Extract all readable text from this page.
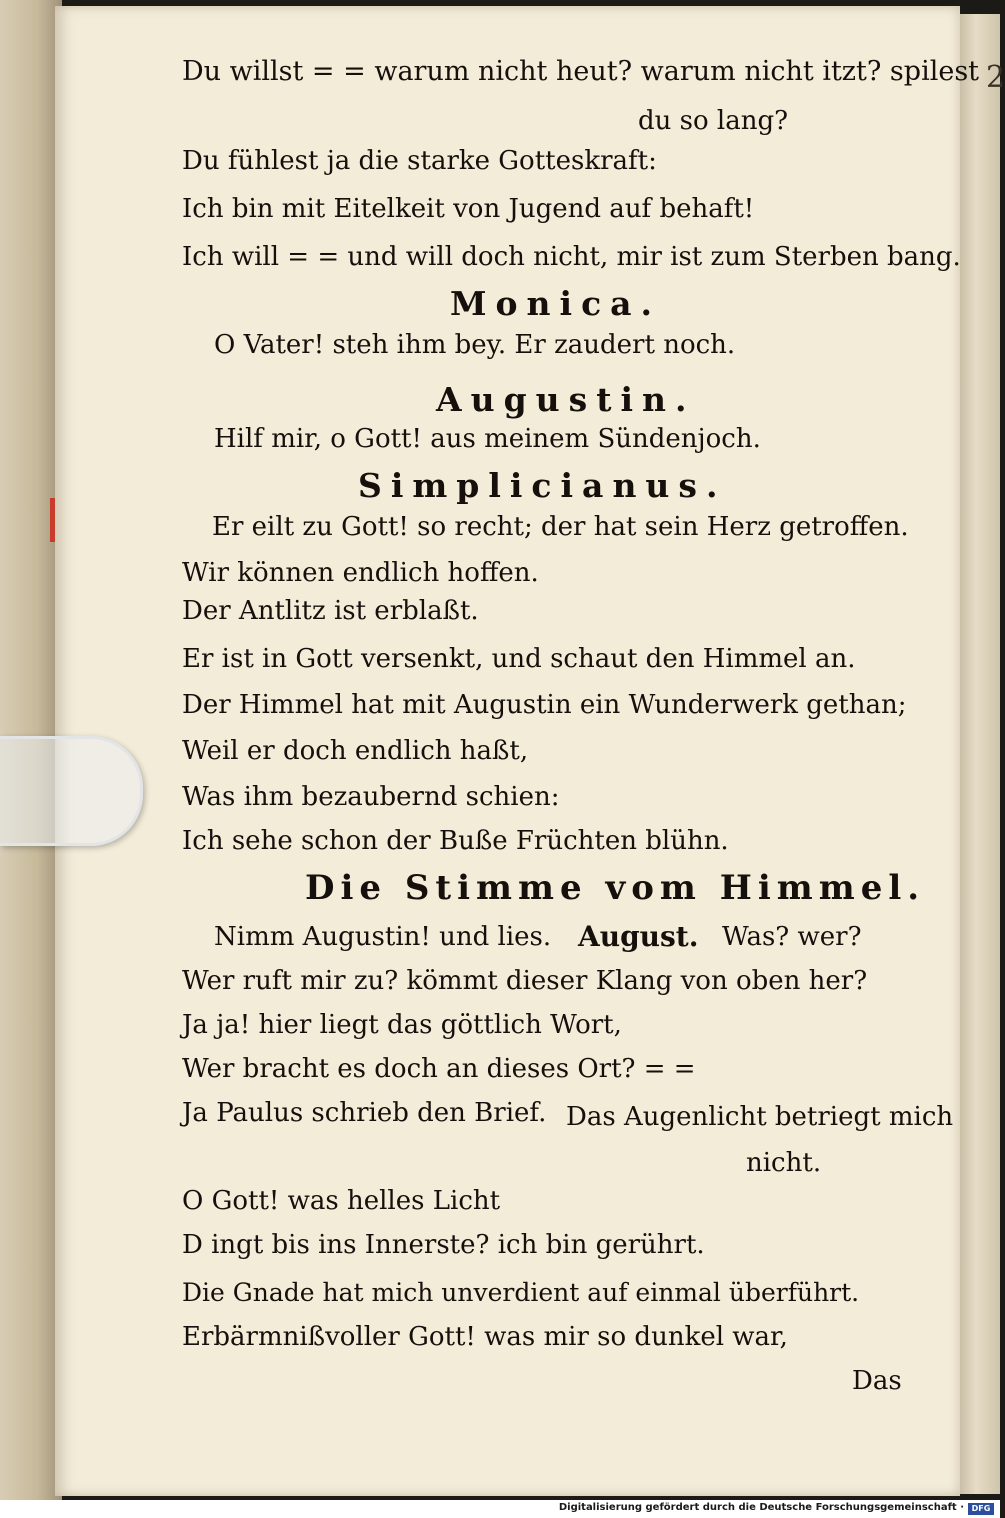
2
Du willst = = warum nicht heut? warum nicht itzt? spilest
du so lang?
Du fühlest ja die starke Gotteskraft:
Ich bin mit Eitelkeit von Jugend auf behaft!
Ich will = = und will doch nicht, mir ist zum Sterben bang.
Monica.
O Vater! steh ihm bey. Er zaudert noch.
Augustin.
Hilf mir, o Gott! aus meinem Sündenjoch.
Simplicianus.
Er eilt zu Gott! so recht; der hat sein Herz getroffen.
Wir können endlich hoffen.
Der Antlitz ist erblaßt.
Er ist in Gott versenkt, und schaut den Himmel an.
Der Himmel hat mit Augustin ein Wunderwerk gethan;
Weil er doch endlich haßt,
Was ihm bezaubernd schien:
Ich sehe schon der Buße Früchten blühn.
Die Stimme vom Himmel.
Nimm Augustin! und lies. August. Was? wer?
Wer ruft mir zu? kömmt dieser Klang von oben her?
Ja ja! hier liegt das göttlich Wort,
Wer bracht es doch an dieses Ort? = =
Ja Paulus schrieb den Brief. Das Augenlicht betriegt mich
nicht.
O Gott! was helles Licht
D ingt bis ins Innerste? ich bin gerührt.
Die Gnade hat mich unverdient auf einmal überführt.
Erbärmnißvoller Gott! was mir so dunkel war,
Das
Digitalisierung gefördert durch die Deutsche Forschungsgemeinschaft · DFG
